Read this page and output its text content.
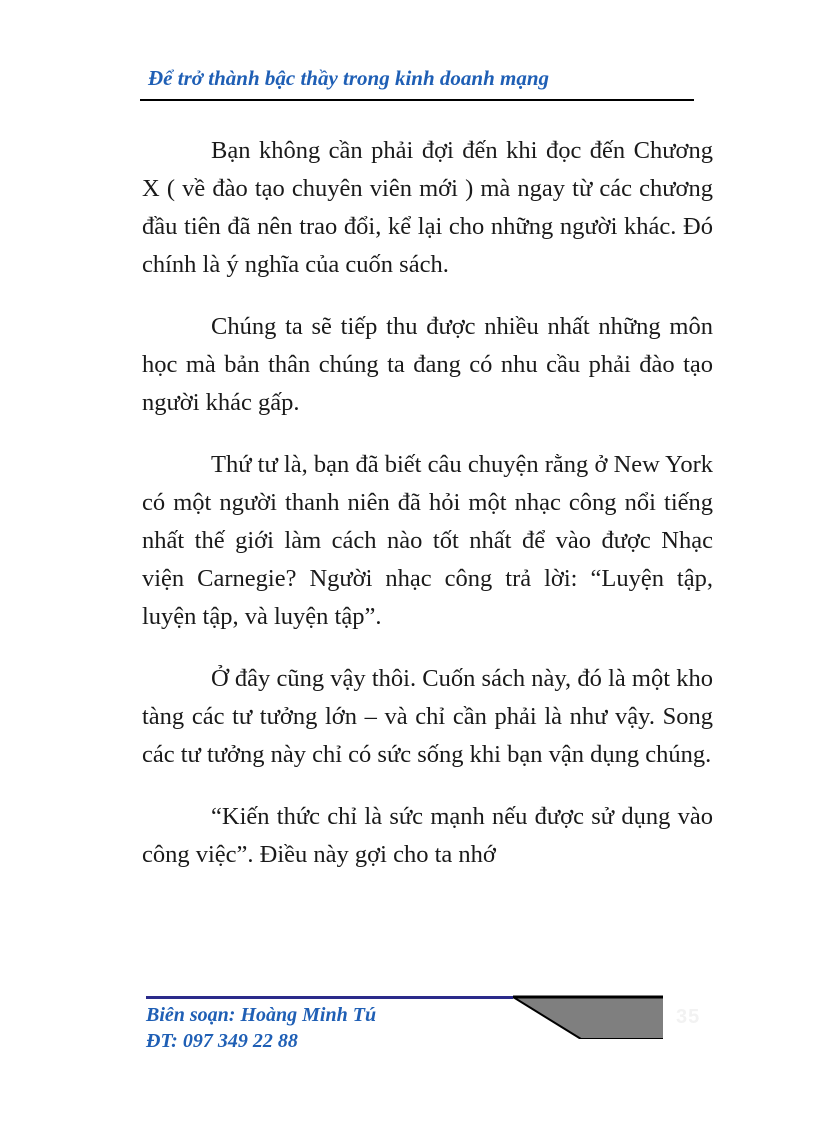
Để trở thành bậc thầy trong kinh doanh mạng

Bạn không cần phải đợi đến khi đọc đến Chương X ( về đào tạo chuyên viên mới ) mà ngay từ các chương đầu tiên đã nên trao đổi, kể lại cho những người khác. Đó chính là ý nghĩa của cuốn sách.

Chúng ta sẽ tiếp thu được nhiều nhất những môn học mà bản thân chúng ta đang có nhu cầu phải đào tạo người khác gấp.

Thứ tư là, bạn đã biết câu chuyện rằng ở New York có một người thanh niên đã hỏi một nhạc công nổi tiếng nhất thế giới làm cách nào tốt nhất để vào được Nhạc viện Carnegie? Người nhạc công trả lời: “Luyện tập, luyện tập, và luyện tập”.

Ở đây cũng vậy thôi. Cuốn sách này, đó là một kho tàng các tư tưởng lớn – và chỉ cần phải là như vậy. Song các tư tưởng này chỉ có sức sống khi bạn vận dụng chúng.

“Kiến thức chỉ là sức mạnh nếu được sử dụng vào công việc”. Điều này gợi cho ta nhớ

35
Biên soạn: Hoàng Minh Tú
ĐT: 097 349 22 88
